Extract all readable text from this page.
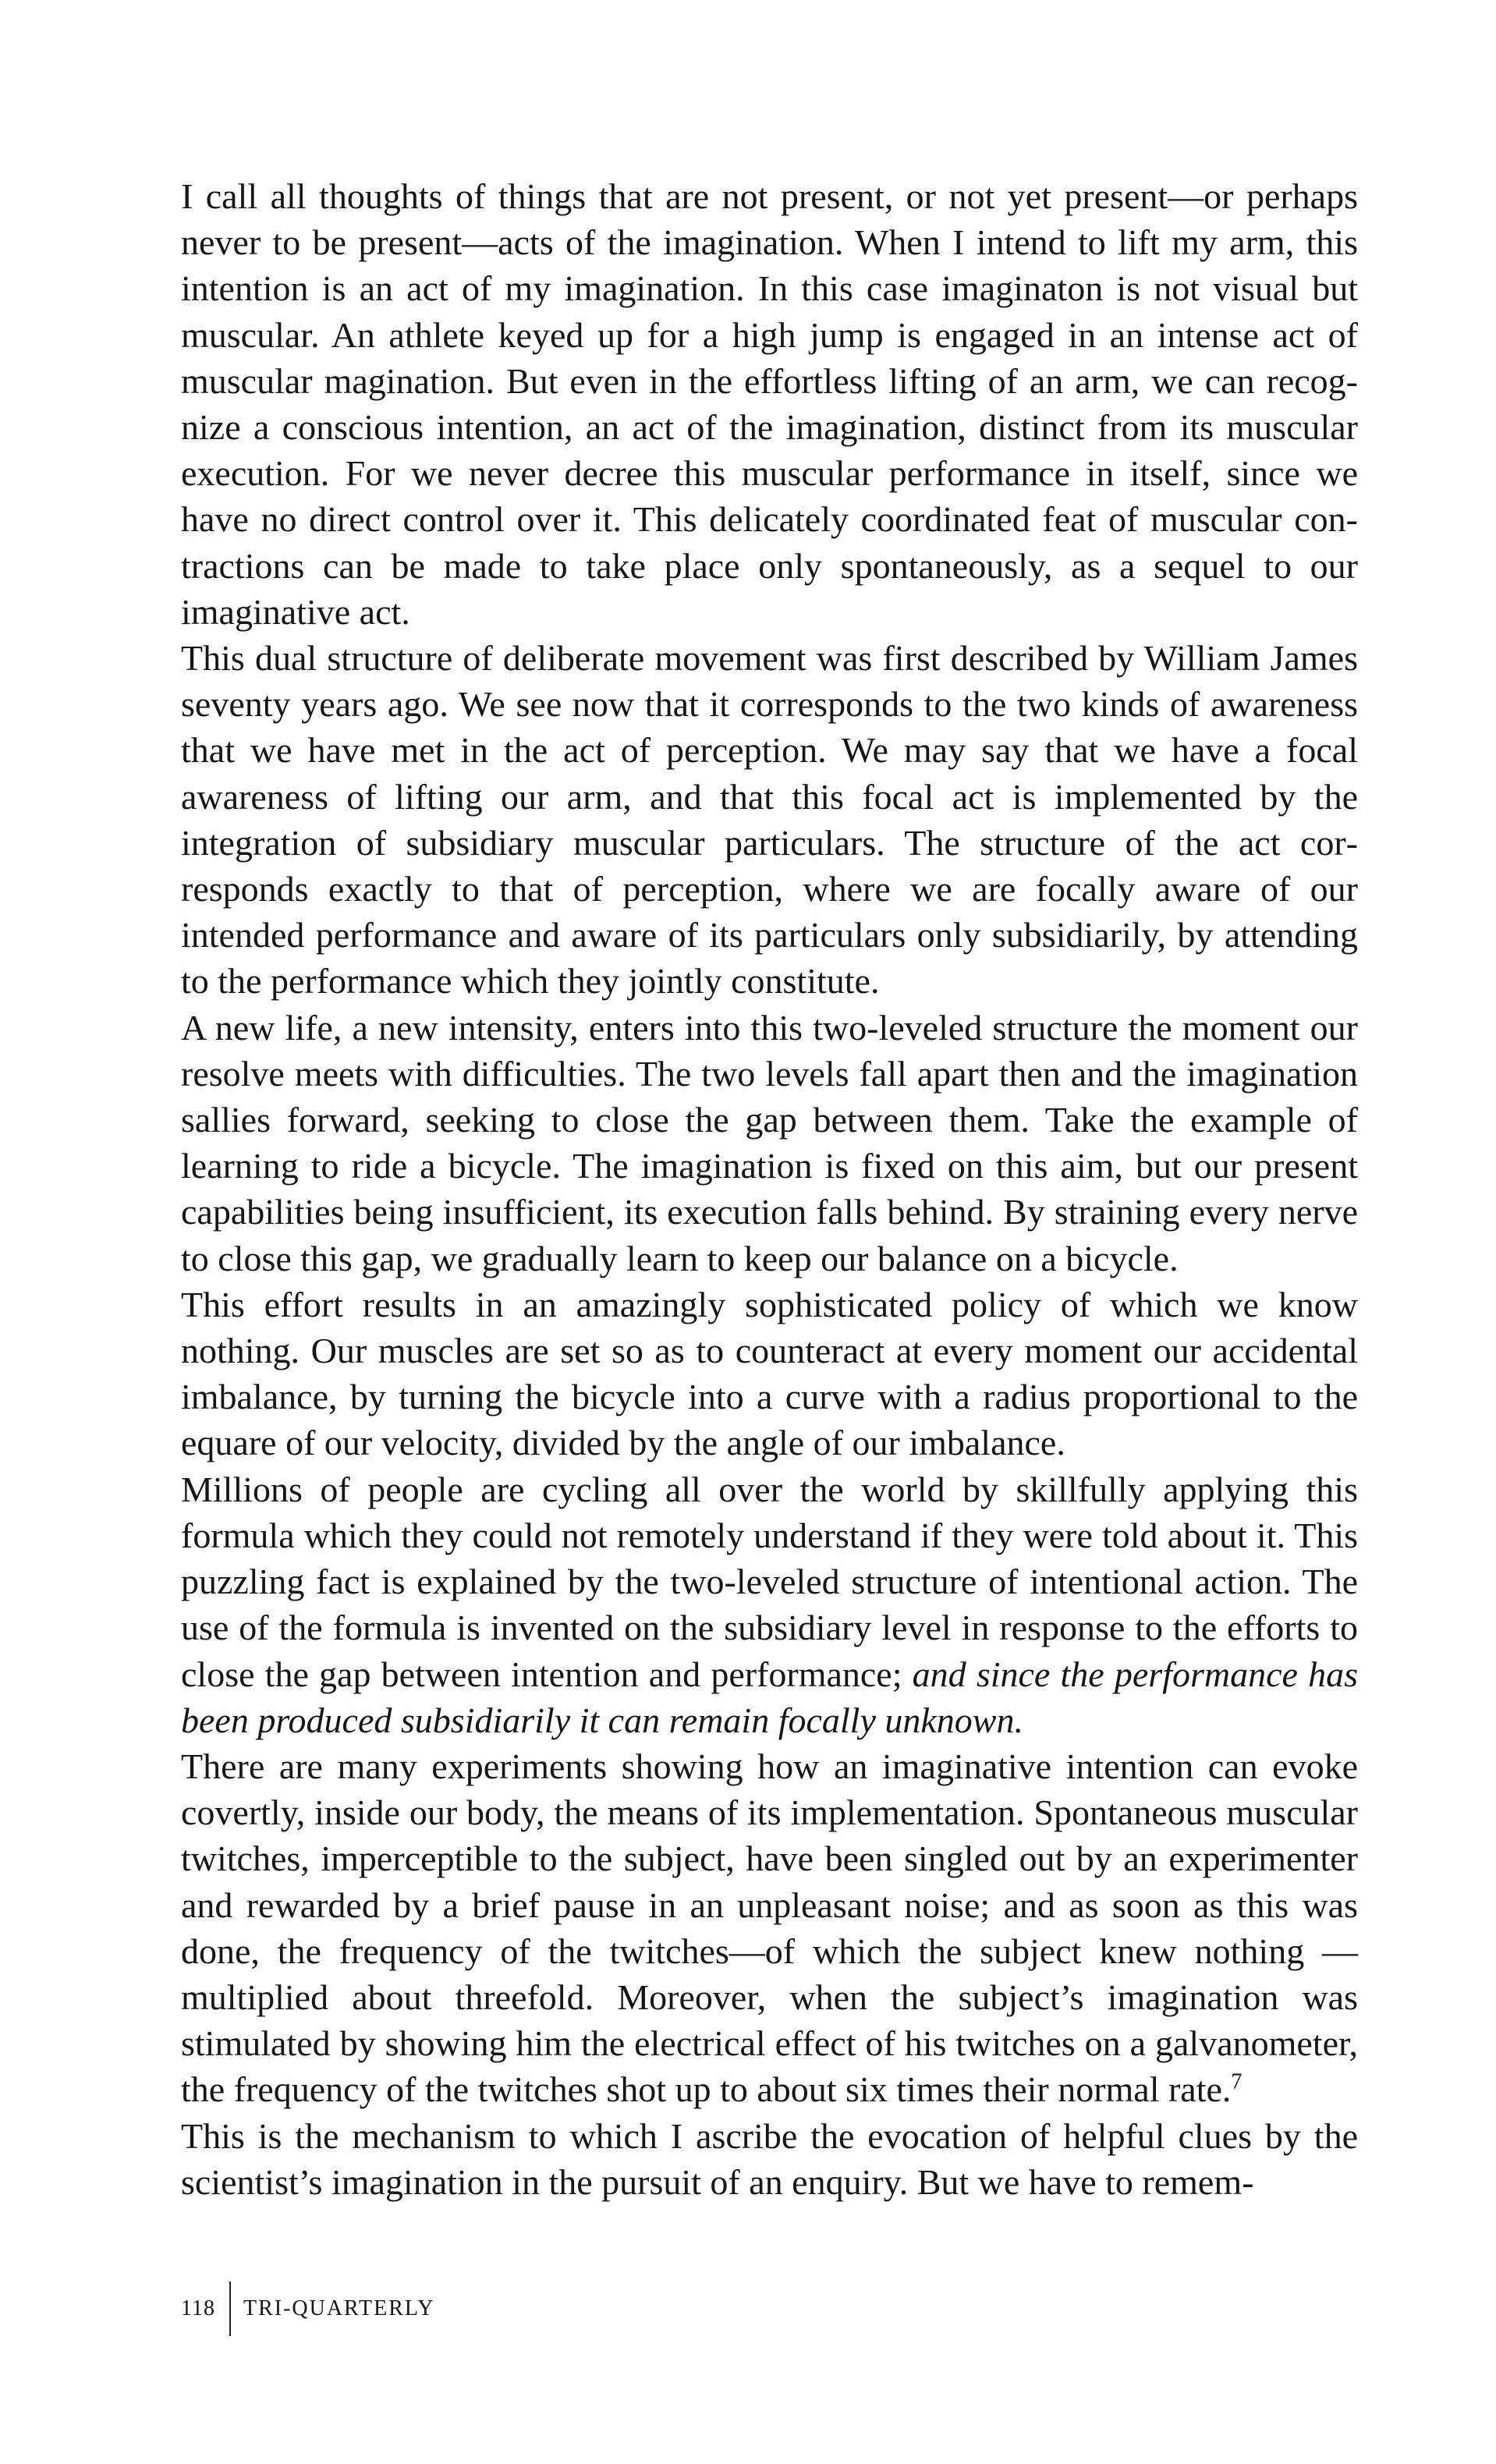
I call all thoughts of things that are not present, or not yet present—or perhaps never to be present—acts of the imagination. When I intend to lift my arm, this intention is an act of my imagination. In this case imaginaton is not visual but muscular. An athlete keyed up for a high jump is engaged in an intense act of muscular magination. But even in the effortless lifting of an arm, we can recognize a conscious intention, an act of the imagination, distinct from its muscular execution. For we never decree this muscular performance in itself, since we have no direct control over it. This delicately coordinated feat of muscular contractions can be made to take place only spontaneously, as a sequel to our imaginative act.

This dual structure of deliberate movement was first described by William James seventy years ago. We see now that it corresponds to the two kinds of awareness that we have met in the act of perception. We may say that we have a focal awareness of lifting our arm, and that this focal act is implemented by the integration of subsidiary muscular particulars. The structure of the act corresponds exactly to that of perception, where we are focally aware of our intended performance and aware of its particulars only subsidiarily, by attending to the performance which they jointly constitute.

A new life, a new intensity, enters into this two-leveled structure the moment our resolve meets with difficulties. The two levels fall apart then and the imagination sallies forward, seeking to close the gap between them. Take the example of learning to ride a bicycle. The imagination is fixed on this aim, but our present capabilities being insufficient, its execution falls behind. By straining every nerve to close this gap, we gradually learn to keep our balance on a bicycle.

This effort results in an amazingly sophisticated policy of which we know nothing. Our muscles are set so as to counteract at every moment our accidental imbalance, by turning the bicycle into a curve with a radius proportional to the equare of our velocity, divided by the angle of our imbalance.

Millions of people are cycling all over the world by skillfully applying this formula which they could not remotely understand if they were told about it. This puzzling fact is explained by the two-leveled structure of intentional action. The use of the formula is invented on the subsidiary level in response to the efforts to close the gap between intention and performance; and since the performance has been produced subsidiarily it can remain focally unknown.

There are many experiments showing how an imaginative intention can evoke covertly, inside our body, the means of its implementation. Spontaneous muscular twitches, imperceptible to the subject, have been singled out by an experimenter and rewarded by a brief pause in an unpleasant noise; and as soon as this was done, the frequency of the twitches—of which the subject knew nothing — multiplied about threefold. Moreover, when the subject’s imagination was stimulated by showing him the electrical effect of his twitches on a galvanometer, the frequency of the twitches shot up to about six times their normal rate.$^7$

This is the mechanism to which I ascribe the evocation of helpful clues by the scientist’s imagination in the pursuit of an enquiry. But we have to remem-

118 TRI-QUARTERLY
